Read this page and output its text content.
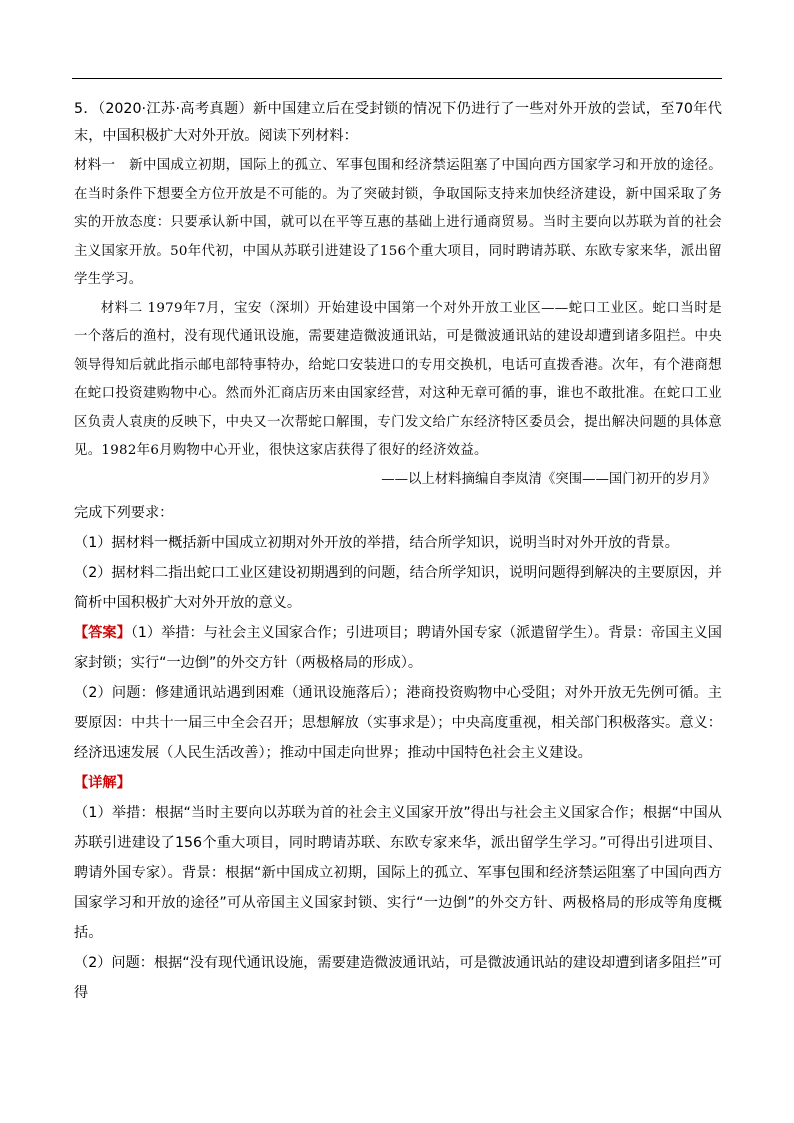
5．（2020·江苏·高考真题）新中国建立后在受封锁的情况下仍进行了一些对外开放的尝试，至70年代末，中国积极扩大对外开放。阅读下列材料：

材料一　新中国成立初期，国际上的孤立、军事包围和经济禁运阻塞了中国向西方国家学习和开放的途径。在当时条件下想要全方位开放是不可能的。为了突破封锁，争取国际支持来加快经济建设，新中国采取了务实的开放态度：只要承认新中国，就可以在平等互惠的基础上进行通商贸易。当时主要向以苏联为首的社会主义国家开放。50年代初，中国从苏联引进建设了156个重大项目，同时聘请苏联、东欧专家来华，派出留学生学习。

材料二 1979年7月，宝安（深圳）开始建设中国第一个对外开放工业区——蛇口工业区。蛇口当时是一个落后的渔村，没有现代通讯设施，需要建造微波通讯站，可是微波通讯站的建设却遭到诸多阻拦。中央领导得知后就此指示邮电部特事特办，给蛇口安装进口的专用交换机，电话可直拨香港。次年，有个港商想在蛇口投资建购物中心。然而外汇商店历来由国家经营，对这种无章可循的事，谁也不敢批准。在蛇口工业区负责人袁庚的反映下，中央又一次帮蛇口解围，专门发文给广东经济特区委员会，提出解决问题的具体意见。1982年6月购物中心开业，很快这家店获得了很好的经济效益。

——以上材料摘编自李岚清《突围——国门初开的岁月》

完成下列要求：

（1）据材料一概括新中国成立初期对外开放的举措，结合所学知识，说明当时对外开放的背景。

（2）据材料二指出蛇口工业区建设初期遇到的问题，结合所学知识，说明问题得到解决的主要原因，并简析中国积极扩大对外开放的意义。

【答案】（1）举措：与社会主义国家合作；引进项目；聘请外国专家（派遣留学生）。背景：帝国主义国家封锁；实行“一边倒”的外交方针（两极格局的形成）。

（2）问题：修建通讯站遇到困难（通讯设施落后）；港商投资购物中心受阻；对外开放无先例可循。主要原因：中共十一届三中全会召开；思想解放（实事求是）；中央高度重视，相关部门积极落实。意义：经济迅速发展（人民生活改善）；推动中国走向世界；推动中国特色社会主义建设。

【详解】

（1）举措：根据“当时主要向以苏联为首的社会主义国家开放”得出与社会主义国家合作；根据“中国从苏联引进建设了156个重大项目，同时聘请苏联、东欧专家来华，派出留学生学习。”可得出引进项目、聘请外国专家）。背景：根据“新中国成立初期，国际上的孤立、军事包围和经济禁运阻塞了中国向西方国家学习和开放的途径”可从帝国主义国家封锁、实行“一边倒”的外交方针、两极格局的形成等角度概括。

（2）问题：根据“没有现代通讯设施，需要建造微波通讯站，可是微波通讯站的建设却遭到诸多阻拦”可得
